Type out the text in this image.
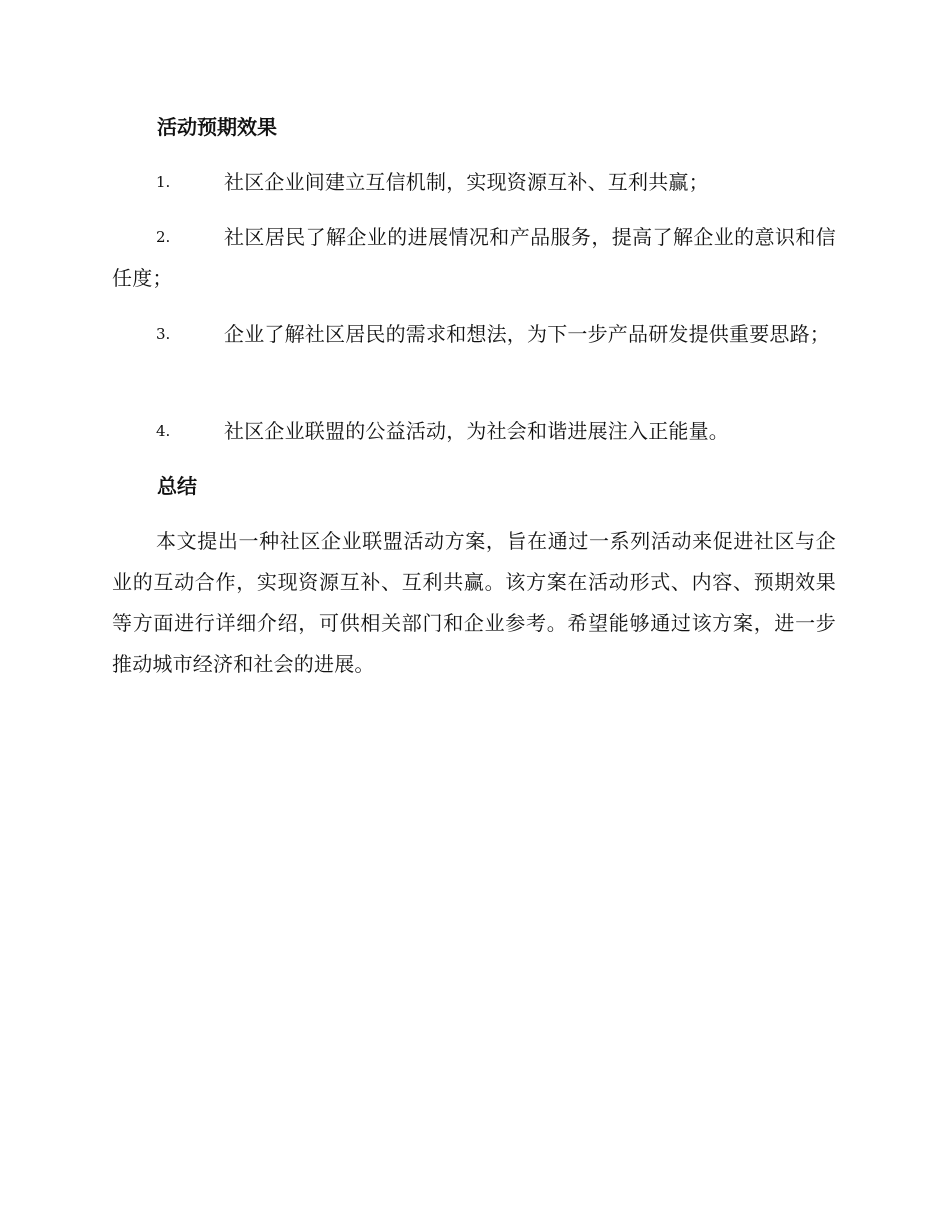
活动预期效果
1.	社区企业间建立互信机制，实现资源互补、互利共赢；
2.	社区居民了解企业的进展情况和产品服务，提高了解企业的意识和信任度；
3.	企业了解社区居民的需求和想法，为下一步产品研发提供重要思路；
4.	社区企业联盟的公益活动，为社会和谐进展注入正能量。
总结
本文提出一种社区企业联盟活动方案，旨在通过一系列活动来促进社区与企业的互动合作，实现资源互补、互利共赢。该方案在活动形式、内容、预期效果等方面进行详细介绍，可供相关部门和企业参考。希望能够通过该方案，进一步推动城市经济和社会的进展。
